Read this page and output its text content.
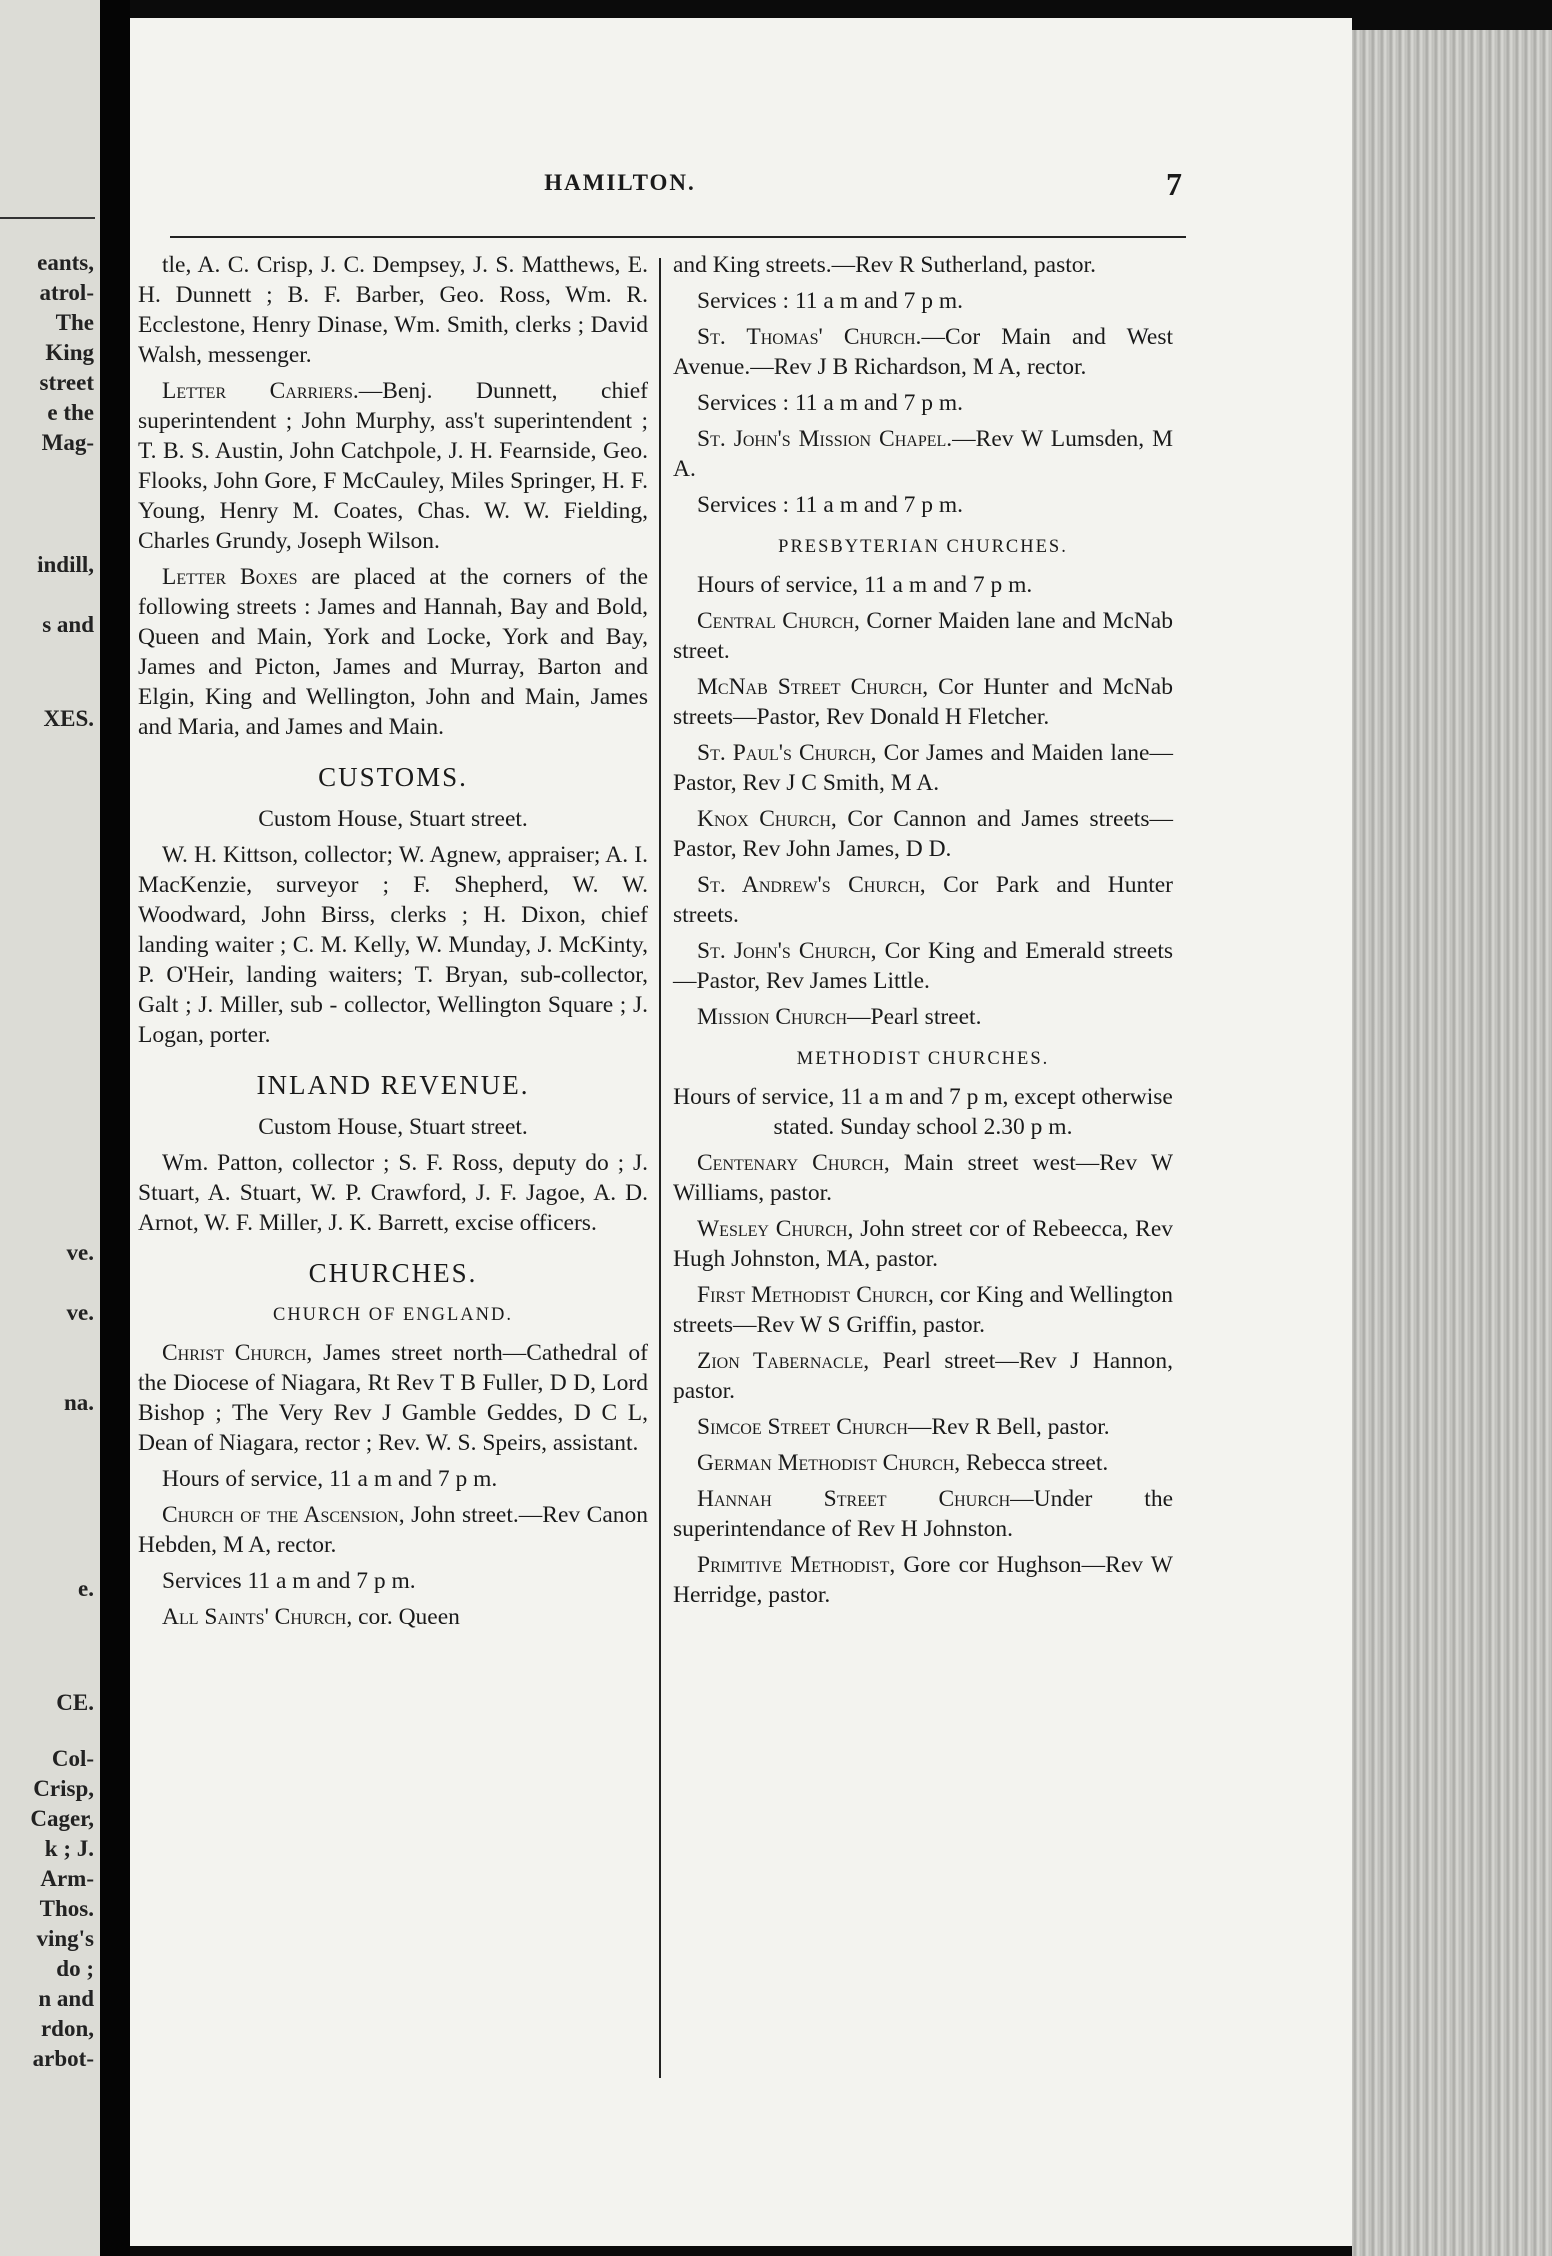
eants,
atrol-
The
King
street
e the
Mag-
indill,
s and
XES.
ve.
ve.
na.
e.
CE.
Col-
Crisp,
Cager,
k ; J.
Arm-
Thos.
ving's
do ;
n and
rdon,
arbot-
HAMILTON.	7

tle, A. C. Crisp, J. C. Dempsey, J. S. Matthews, E. H. Dunnett ; B. F. Barber, Geo. Ross, Wm. R. Ecclestone, Henry Dinase, Wm. Smith, clerks ; David Walsh, messenger.

Letter Carriers.—Benj. Dunnett, chief superintendent ; John Murphy, ass't superintendent ; T. B. S. Austin, John Catchpole, J. H. Fearnside, Geo. Flooks, John Gore, F McCauley, Miles Springer, H. F. Young, Henry M. Coates, Chas. W. W. Fielding, Charles Grundy, Joseph Wilson.

Letter Boxes are placed at the corners of the following streets : James and Hannah, Bay and Bold, Queen and Main, York and Locke, York and Bay, James and Picton, James and Murray, Barton and Elgin, King and Wellington, John and Main, James and Maria, and James and Main.

CUSTOMS.

Custom House, Stuart street.

W. H. Kittson, collector; W. Agnew, appraiser; A. I. MacKenzie, surveyor ; F. Shepherd, W. W. Woodward, John Birss, clerks ; H. Dixon, chief landing waiter ; C. M. Kelly, W. Munday, J. McKinty, P. O'Heir, landing waiters; T. Bryan, sub-collector, Galt ; J. Miller, sub - collector, Wellington Square ; J. Logan, porter.

INLAND REVENUE.

Custom House, Stuart street.

Wm. Patton, collector ; S. F. Ross, deputy do ; J. Stuart, A. Stuart, W. P. Crawford, J. F. Jagoe, A. D. Arnot, W. F. Miller, J. K. Barrett, excise officers.

CHURCHES.
CHURCH OF ENGLAND.

Christ Church, James street north—Cathedral of the Diocese of Niagara, Rt Rev T B Fuller, D D, Lord Bishop ; The Very Rev J Gamble Geddes, D C L, Dean of Niagara, rector ; Rev. W. S. Speirs, assistant.

Hours of service, 11 a m and 7 p m.

Church of the Ascension, John street.—Rev Canon Hebden, M A, rector.

Services 11 a m and 7 p m.

All Saints' Church, cor. Queen

and King streets.—Rev R Sutherland, pastor.

Services : 11 a m and 7 p m.

St. Thomas' Church.—Cor Main and West Avenue.—Rev J B Richardson, M A, rector.

Services : 11 a m and 7 p m.

St. John's Mission Chapel.—Rev W Lumsden, M A.

Services : 11 a m and 7 p m.

PRESBYTERIAN CHURCHES.

Hours of service, 11 a m and 7 p m.

Central Church, Corner Maiden lane and McNab street.

McNab Street Church, Cor Hunter and McNab streets—Pastor, Rev Donald H Fletcher.

St. Paul's Church, Cor James and Maiden lane—Pastor, Rev J C Smith, M A.

Knox Church, Cor Cannon and James streets—Pastor, Rev John James, D D.

St. Andrew's Church, Cor Park and Hunter streets.

St. John's Church, Cor King and Emerald streets—Pastor, Rev James Little.

Mission Church—Pearl street.

METHODIST CHURCHES.

Hours of service, 11 a m and 7 p m, except otherwise stated. Sunday school 2.30 p m.

Centenary Church, Main street west—Rev W Williams, pastor.

Wesley Church, John street cor of Rebeecca, Rev Hugh Johnston, MA, pastor.

First Methodist Church, cor King and Wellington streets—Rev W S Griffin, pastor.

Zion Tabernacle, Pearl street—Rev J Hannon, pastor.

Simcoe Street Church—Rev R Bell, pastor.

German Methodist Church, Rebecca street.

Hannah Street Church—Under the superintendance of Rev H Johnston.

Primitive Methodist, Gore cor Hughson—Rev W Herridge, pastor.
